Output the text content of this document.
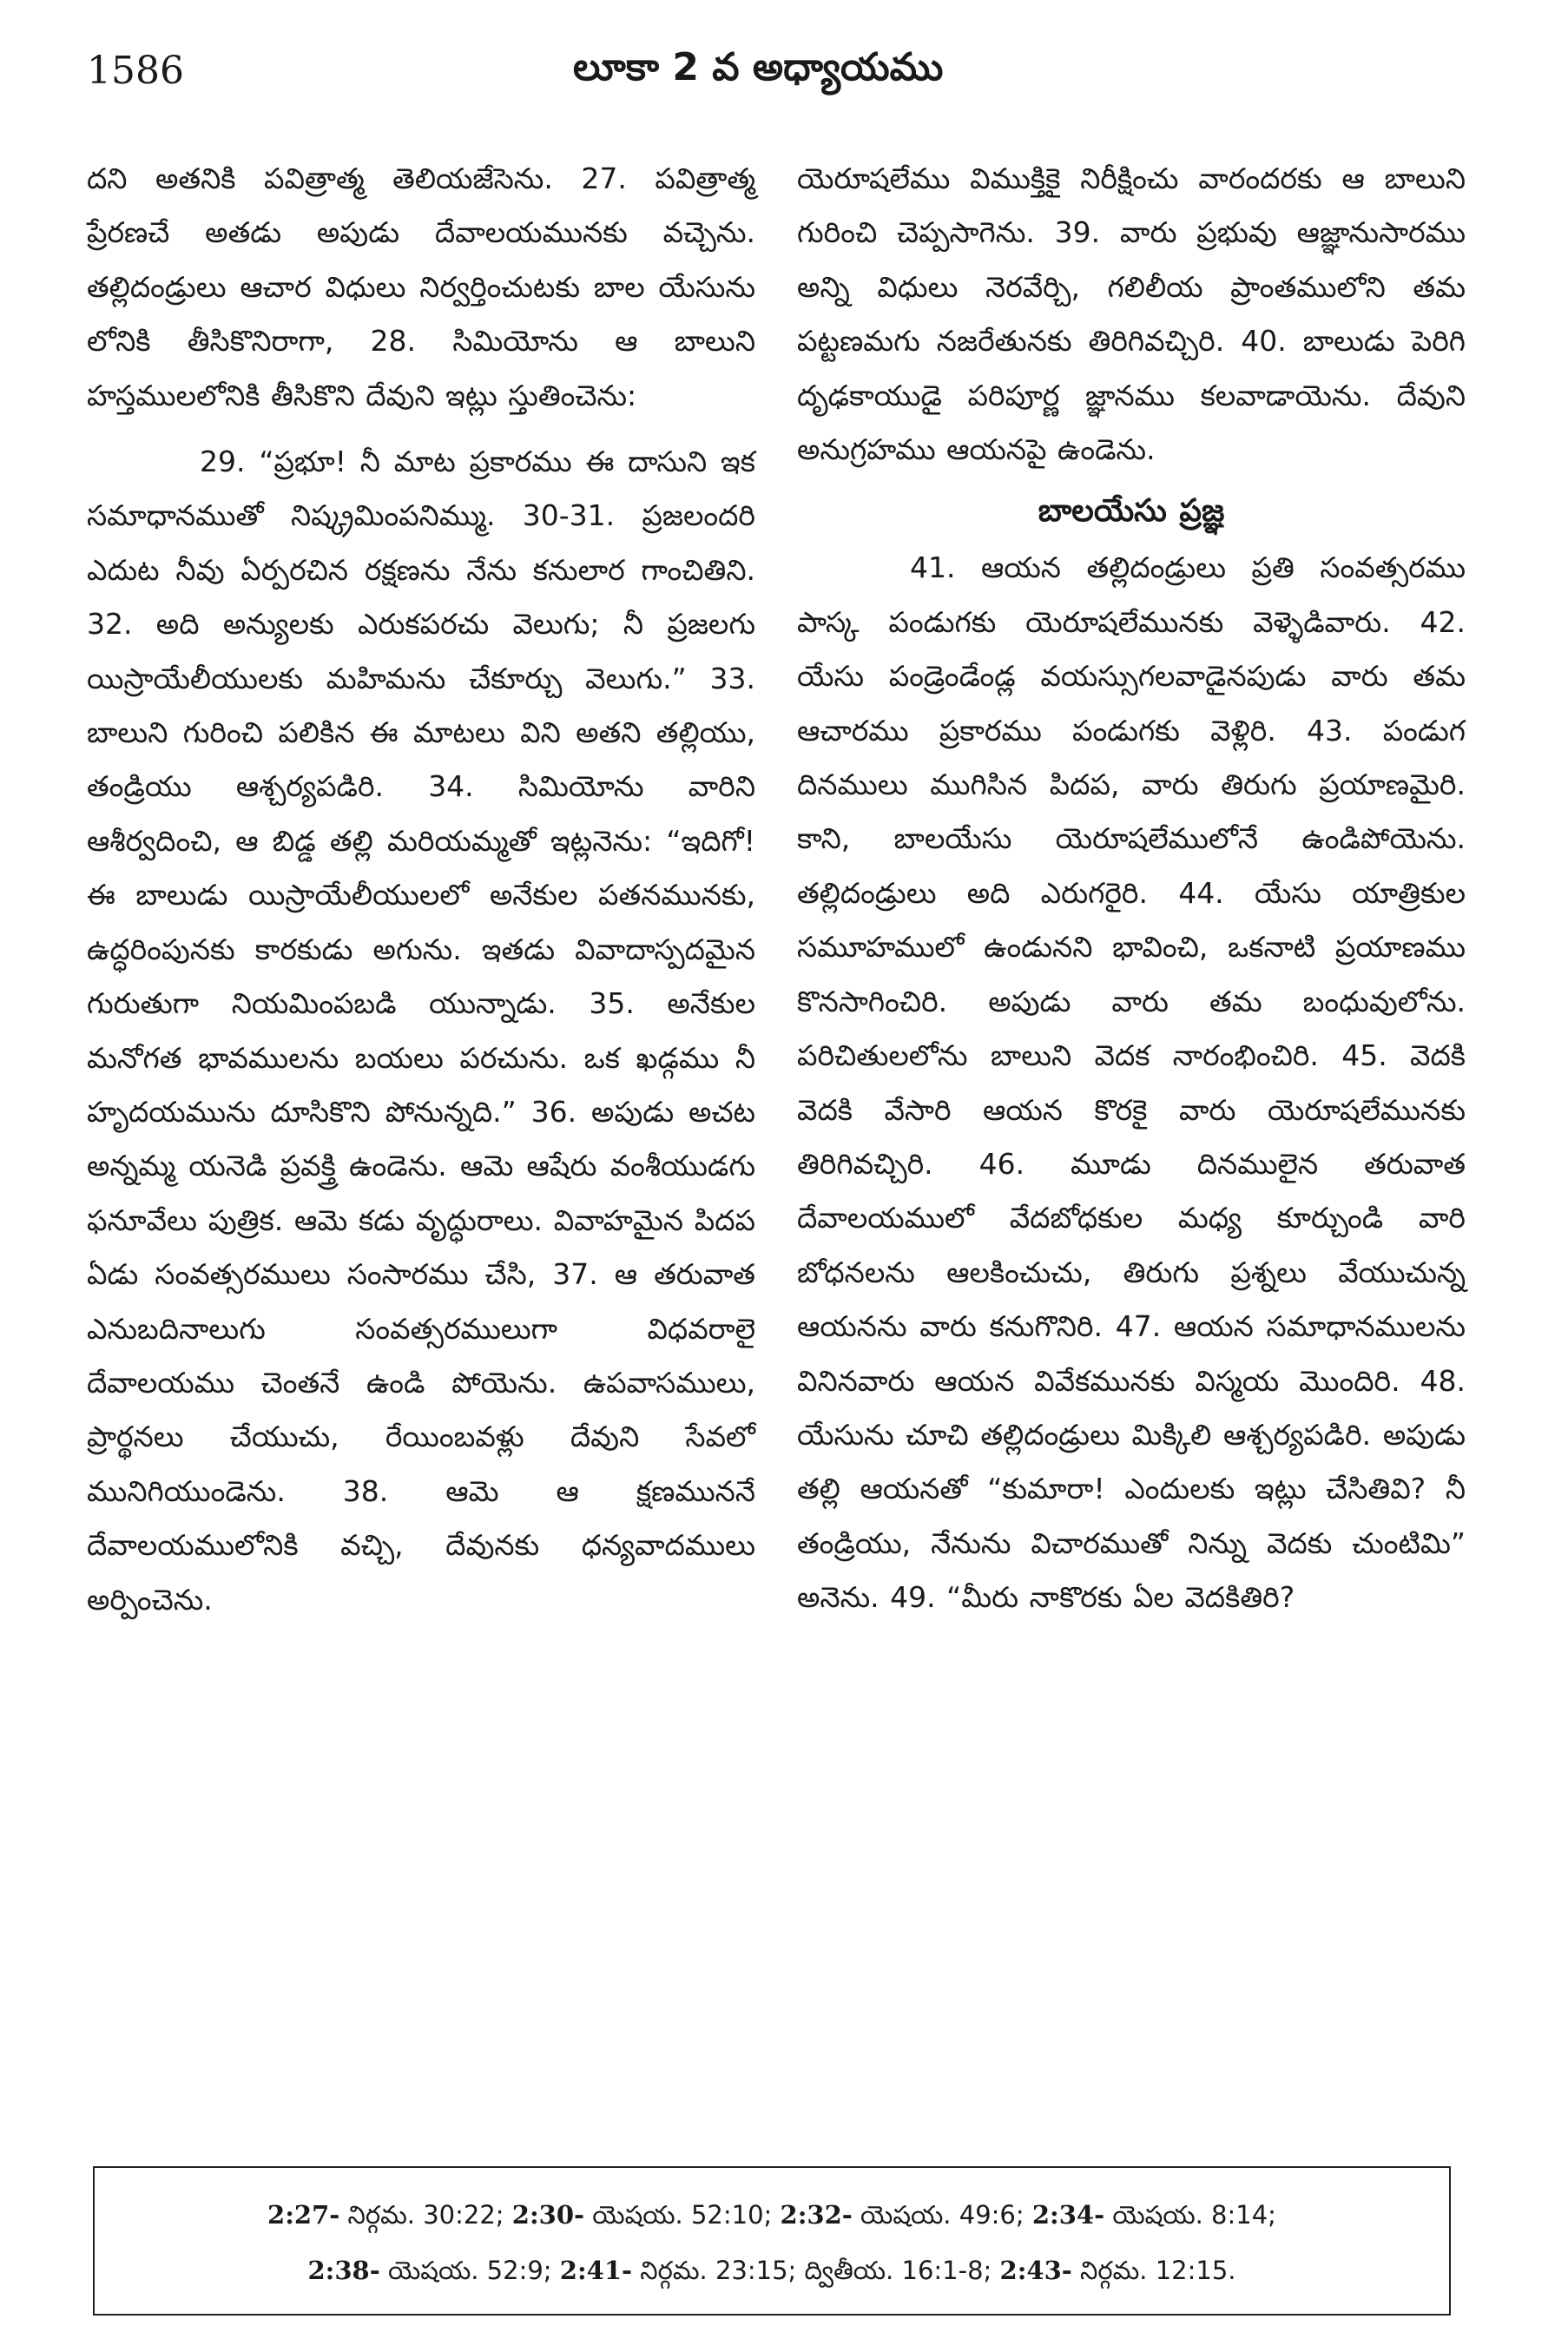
1586	లూకా 2 వ అధ్యాయము

దని అతనికి పవిత్రాత్మ తెలియజేసెను. 27. పవిత్రాత్మ ప్రేరణచే అతడు అపుడు దేవాలయమునకు వచ్చెను. తల్లిదండ్రులు ఆచార విధులు నిర్వర్తించుటకు బాల యేసును లోనికి తీసికొనిరాగా, 28. సిమియోను ఆ బాలుని హస్తములలోనికి తీసికొని దేవుని ఇట్లు స్తుతించెను:

29. “ప్రభూ! నీ మాట ప్రకారము ఈ దాసుని ఇక సమాధానముతో నిష్క్రమింపనిమ్ము. 30-31. ప్రజలందరి ఎదుట నీవు ఏర్పరచిన రక్షణను నేను కనులార గాంచితిని. 32. అది అన్యులకు ఎరుకపరచు వెలుగు; నీ ప్రజలగు యిస్రాయేలీయులకు మహిమను చేకూర్చు వెలుగు.” 33. బాలుని గురించి పలికిన ఈ మాటలు విని అతని తల్లియు, తండ్రియు ఆశ్చర్యపడిరి. 34. సిమియోను వారిని ఆశీర్వదించి, ఆ బిడ్డ తల్లి మరియమ్మతో ఇట్లనెను: “ఇదిగో! ఈ బాలుడు యిస్రాయేలీయులలో అనేకుల పతనమునకు, ఉద్ధరింపునకు కారకుడు అగును. ఇతడు వివాదాస్పదమైన గురుతుగా నియమింపబడి యున్నాడు. 35. అనేకుల మనోగత భావములను బయలు పరచును. ఒక ఖడ్గము నీ హృదయమును దూసికొని పోనున్నది.” 36. అపుడు అచట అన్నమ్మ యనెడి ప్రవక్త్రి ఉండెను. ఆమె ఆషేరు వంశీయుడగు ఫనూవేలు పుత్రిక. ఆమె కడు వృద్ధురాలు. వివాహమైన పిదప ఏడు సంవత్సరములు సంసారము చేసి, 37. ఆ తరువాత ఎనుబదినాలుగు సంవత్సరములుగా విధవరాలై దేవాలయము చెంతనే ఉండి పోయెను. ఉపవాసములు, ప్రార్థనలు చేయుచు, రేయింబవళ్లు దేవుని సేవలో మునిగియుండెను. 38. ఆమె ఆ క్షణముననే దేవాలయములోనికి వచ్చి, దేవునకు ధన్యవాదములు అర్పించెను.

యెరూషలేము విముక్తికై నిరీక్షించు వారందరకు ఆ బాలుని గురించి చెప్పసాగెను. 39. వారు ప్రభువు ఆజ్ఞానుసారము అన్ని విధులు నెరవేర్చి, గలిలీయ ప్రాంతములోని తమ పట్టణమగు నజరేతునకు తిరిగివచ్చిరి. 40. బాలుడు పెరిగి దృఢకాయుడై పరిపూర్ణ జ్ఞానము కలవాడాయెను. దేవుని అనుగ్రహము ఆయనపై ఉండెను.

బాలయేసు ప్రజ్ఞ

41. ఆయన తల్లిదండ్రులు ప్రతి సంవత్సరము పాస్క పండుగకు యెరూషలేమునకు వెళ్ళెడివారు. 42. యేసు పండ్రెండేండ్ల వయస్సుగలవాడైనపుడు వారు తమ ఆచారము ప్రకారము పండుగకు వెళ్లిరి. 43. పండుగ దినములు ముగిసిన పిదప, వారు తిరుగు ప్రయాణమైరి. కాని, బాలయేసు యెరూషలేములోనే ఉండిపోయెను. తల్లిదండ్రులు అది ఎరుగరైరి. 44. యేసు యాత్రికుల సమూహములో ఉండునని భావించి, ఒకనాటి ప్రయాణము కొనసాగించిరి. అపుడు వారు తమ బంధువులోను. పరిచితులలోను బాలుని వెదక నారంభించిరి. 45. వెదకి వెదకి వేసారి ఆయన కొరకై వారు యెరూషలేమునకు తిరిగివచ్చిరి. 46. మూడు దినములైన తరువాత దేవాలయములో వేదబోధకుల మధ్య కూర్చుండి వారి బోధనలను ఆలకించుచు, తిరుగు ప్రశ్నలు వేయుచున్న ఆయనను వారు కనుగొనిరి. 47. ఆయన సమాధానములను వినినవారు ఆయన వివేకమునకు విస్మయ మొందిరి. 48. యేసును చూచి తల్లిదండ్రులు మిక్కిలి ఆశ్చర్యపడిరి. అపుడు తల్లి ఆయనతో “కుమారా! ఎందులకు ఇట్లు చేసితివి? నీ తండ్రియు, నేనును విచారముతో నిన్ను వెదకు చుంటిమి” అనెను. 49. “మీరు నాకొరకు ఏల వెదకితిరి?

2:27- నిర్గమ. 30:22; 2:30- యెషయ. 52:10; 2:32- యెషయ. 49:6; 2:34- యెషయ. 8:14;

2:38- యెషయ. 52:9; 2:41- నిర్గమ. 23:15; ద్వితీయ. 16:1-8; 2:43- నిర్గమ. 12:15.
